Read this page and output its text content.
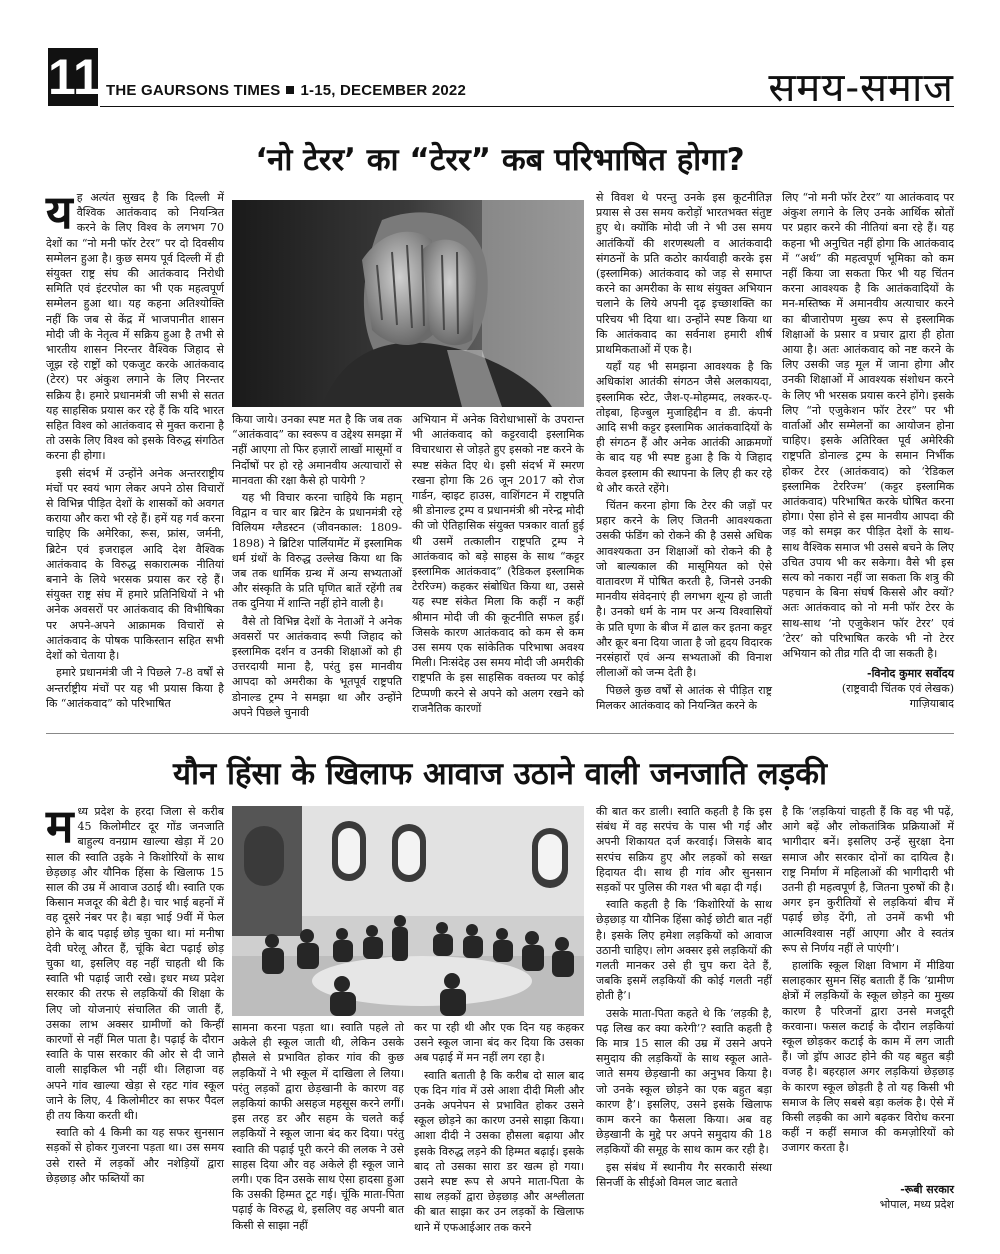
11 THE GAURSONS TIMES 1-15, DECEMBER 2022	समय-समाज
‘नो टेरर’ का “टेरर” कब परिभाषित होगा?

यह अत्यंत सुखद है कि दिल्ली में वैश्विक आतंकवाद को नियन्त्रित करने के लिए विश्व के लगभग 70 देशों का “नो मनी फॉर टेरर” पर दो दिवसीय सम्मेलन हुआ है। कुछ समय पूर्व दिल्ली में ही संयुक्त राष्ट्र संघ की आतंकवाद निरोधी समिति एवं इंटरपोल का भी एक महत्वपूर्ण सम्मेलन हुआ था। यह कहना अतिश्योक्ति नहीं कि जब से केंद्र में भाजपानीत शासन मोदी जी के नेतृत्व में सक्रिय हुआ है तभी से भारतीय शासन निरन्तर वैश्विक जिहाद से जूझ रहे राष्ट्रों को एकजुट करके आतंकवाद (टेरर) पर अंकुश लगाने के लिए निरन्तर सक्रिय है। हमारे प्रधानमंत्री जी सभी से सतत यह साहसिक प्रयास कर रहे हैं कि यदि भारत सहित विश्व को आतंकवाद से मुक्त कराना है तो उसके लिए विश्व को इसके विरुद्ध संगठित करना ही होगा।

इसी संदर्भ में उन्होंने अनेक अन्तरराष्ट्रीय मंचों पर स्वयं भाग लेकर अपने ठोस विचारों से विभिन्न पीड़ित देशों के शासकों को अवगत कराया और करा भी रहे हैं। हमें यह गर्व करना चाहिए कि अमेरिका, रूस, फ्रांस, जर्मनी, ब्रिटेन एवं इजराइल आदि देश वैश्विक आतंकवाद के विरुद्ध सकारात्मक नीतियां बनाने के लिये भरसक प्रयास कर रहे हैं। संयुक्त राष्ट्र संघ में हमारे प्रतिनिधियों ने भी अनेक अवसरों पर आतंकवाद की विभीषिका पर अपने-अपने आक्रामक विचारों से आतंकवाद के पोषक पाकिस्तान सहित सभी देशों को चेताया है।

हमारे प्रधानमंत्री जी ने पिछले 7-8 वर्षों से अन्तर्राष्ट्रीय मंचों पर यह भी प्रयास किया है कि “आतंकवाद” को परिभाषित

किया जाये। उनका स्पष्ट मत है कि जब तक “आतंकवाद” का स्वरूप व उद्देश्य समझा में नहीं आएगा तो फिर हज़ारों लाखों मासूमों व निर्दोषों पर हो रहे अमानवीय अत्याचारों से मानवता की रक्षा कैसे हो पायेगी ?

यह भी विचार करना चाहिये कि महान् विद्वान व चार बार ब्रिटेन के प्रधानमंत्री रहे विलियम ग्लैडस्टन (जीवनकाल: 1809-1898) ने ब्रिटिश पार्लियामेंट में इस्लामिक धर्म ग्रंथों के विरुद्ध उल्लेख किया था कि जब तक धार्मिक ग्रन्थ में अन्य सभ्यताओं और संस्कृति के प्रति घृणित बातें रहेंगी तब तक दुनिया में शान्ति नहीं होने वाली है।

वैसे तो विभिन्न देशों के नेताओं ने अनेक अवसरों पर आतंकवाद रूपी जिहाद को इस्लामिक दर्शन व उनकी शिक्षाओं को ही उत्तरदायी माना है, परंतु इस मानवीय आपदा को अमरीका के भूतपूर्व राष्ट्रपति डोनाल्ड ट्रम्प ने समझा था और उन्होंने अपने पिछले चुनावी

अभियान में अनेक विरोधाभासों के उपरान्त भी आतंकवाद को कट्टरवादी इस्लामिक विचारधारा से जोड़ते हुए इसको नष्ट करने के स्पष्ट संकेत दिए थे। इसी संदर्भ में स्मरण रखना होगा कि 26 जून 2017 को रोज गार्डन, व्हाइट हाउस, वाशिंगटन में राष्ट्रपति श्री डोनाल्ड ट्रम्प व प्रधानमंत्री श्री नरेन्द्र मोदी की जो ऐतिहासिक संयुक्त पत्रकार वार्ता हुई थी उसमें तत्कालीन राष्ट्रपति ट्रम्प ने आतंकवाद को बड़े साहस के साथ “कट्टर इस्लामिक आतंकवाद” (रैडिकल इस्लामिक टेररिज्म) कहकर संबोधित किया था, उससे यह स्पष्ट संकेत मिला कि कहीं न कहीं श्रीमान मोदी जी की कूटनीति सफल हुई। जिसके कारण आतंकवाद को कम से कम उस समय एक सांकेतिक परिभाषा अवश्य मिली। निःसंदेह उस समय मोदी जी अमरीकी राष्ट्रपति के इस साहसिक वक्तव्य पर कोई टिप्पणी करने से अपने को अलग रखने को राजनैतिक कारणों

से विवश थे परन्तु उनके इस कूटनीतिज्ञ प्रयास से उस समय करोड़ों भारतभक्त संतुष्ट हुए थे। क्योंकि मोदी जी ने भी उस समय आतंकियों की शरणस्थली व आतंकवादी संगठनों के प्रति कठोर कार्यवाही करके इस (इस्लामिक) आतंकवाद को जड़ से समाप्त करने का अमरीका के साथ संयुक्त अभियान चलाने के लिये अपनी दृढ़ इच्छाशक्ति का परिचय भी दिया था। उन्होंने स्पष्ट किया था कि आतंकवाद का सर्वनाश हमारी शीर्ष प्राथमिकताओं में एक है।

यहाँ यह भी समझना आवश्यक है कि अधिकांश आतंकी संगठन जैसे अलकायदा, इस्लामिक स्टेट, जैश-ए-मोहम्मद, लश्कर-ए-तोइबा, हिज्बुल मुजाहिद्दीन व डी. कंपनी आदि सभी कट्टर इस्लामिक आतंकवादियों के ही संगठन हैं और अनेक आतंकी आक्रमणों के बाद यह भी स्पष्ट हुआ है कि ये जिहाद केवल इस्लाम की स्थापना के लिए ही कर रहे थे और करते रहेंगे।

चिंतन करना होगा कि टेरर की जड़ों पर प्रहार करने के लिए जितनी आवश्यकता उसकी फंडिंग को रोकने की है उससे अधिक आवश्यकता उन शिक्षाओं को रोकने की है जो बाल्यकाल की मासूमियत को ऐसे वातावरण में पोषित करती है, जिनसे उनकी मानवीय संवेदनाएं ही लगभग शून्य हो जाती है। उनको धर्म के नाम पर अन्य विश्वासियों के प्रति घृणा के बीज में ढाल कर इतना कट्टर और क्रूर बना दिया जाता है जो हृदय विदारक नरसंहारों एवं अन्य सभ्यताओं की विनाश लीलाओं को जन्म देती है।

पिछले कुछ वर्षों से आतंक से पीड़ित राष्ट्र मिलकर आतंकवाद को नियन्त्रित करने के

लिए “नो मनी फॉर टेरर” या आतंकवाद पर अंकुश लगाने के लिए उनके आर्थिक स्रोतों पर प्रहार करने की नीतियां बना रहे हैं। यह कहना भी अनुचित नहीं होगा कि आतंकवाद में “अर्थ” की महत्वपूर्ण भूमिका को कम नहीं किया जा सकता फिर भी यह चिंतन करना आवश्यक है कि आतंकवादियों के मन-मस्तिष्क में अमानवीय अत्याचार करने का बीजारोपण मुख्य रूप से इस्लामिक शिक्षाओं के प्रसार व प्रचार द्वारा ही होता आया है। अतः आतंकवाद को नष्ट करने के लिए उसकी जड़ मूल में जाना होगा और उनकी शिक्षाओं में आवश्यक संशोधन करने के लिए भी भरसक प्रयास करने होंगे। इसके लिए “नो एजुकेशन फॉर टेरर” पर भी वार्ताओं और सम्मेलनों का आयोजन होना चाहिए। इसके अतिरिक्त पूर्व अमेरिकी राष्ट्रपति डोनाल्ड ट्रम्प के समान निर्भीक होकर टेरर (आतंकवाद) को ‘रेडिकल इस्लामिक टेररिज्म’ (कट्टर इस्लामिक आतंकवाद) परिभाषित करके घोषित करना होगा। ऐसा होने से इस मानवीय आपदा की जड़ को समझ कर पीड़ित देशों के साथ-साथ वैश्विक समाज भी उससे बचने के लिए उचित उपाय भी कर सकेगा। वैसे भी इस सत्य को नकारा नहीं जा सकता कि शत्रु की पहचान के बिना संघर्ष किससे और क्यों? अतः आतंकवाद को नो मनी फॉर टेरर के साथ-साथ ‘नो एजुकेशन फॉर टेरर’ एवं ‘टेरर’ को परिभाषित करके भी नो टेरर अभियान को तीव्र गति दी जा सकती है।

-विनोद कुमार सर्वोदय
(राष्ट्रवादी चिंतक एवं लेखक)
गाज़ियाबाद
यौन हिंसा के खिलाफ आवाज उठाने वाली जनजाति लड़की

मध्य प्रदेश के हरदा जिला से करीब 45 किलोमीटर दूर गोंड जनजाति बाहुल्य वनग्राम खाल्या खेड़ा में 20 साल की स्वाति उइके ने किशोरियों के साथ छेड़छाड़ और यौनिक हिंसा के खिलाफ 15 साल की उम्र में आवाज उठाई थी। स्वाति एक किसान मजदूर की बेटी है। चार भाई बहनों में वह दूसरे नंबर पर है। बड़ा भाई 9वीं में फेल होने के बाद पढ़ाई छोड़ चुका था। मां मनीषा देवी घरेलू औरत हैं, चूंकि बेटा पढ़ाई छोड़ चुका था, इसलिए वह नहीं चाहती थी कि स्वाति भी पढ़ाई जारी रखे। इधर मध्य प्रदेश सरकार की तरफ से लड़कियों की शिक्षा के लिए जो योजनाएं संचालित की जाती हैं, उसका लाभ अक्सर ग्रामीणों को किन्हीं कारणों से नहीं मिल पाता है। पढ़ाई के दौरान स्वाति के पास सरकार की ओर से दी जाने वाली साइकिल भी नहीं थी। लिहाजा वह अपने गांव खाल्या खेड़ा से रहट गांव स्कूल जाने के लिए, 4 किलोमीटर का सफर पैदल ही तय किया करती थी।

स्वाति को 4 किमी का यह सफर सुनसान सड़कों से होकर गुजरना पड़ता था। उस समय उसे रास्ते में लड़कों और नशेड़ियों द्वारा छेड़छाड़ और फब्तियों का

सामना करना पड़ता था। स्वाति पहले तो अकेले ही स्कूल जाती थी, लेकिन उसके हौसले से प्रभावित होकर गांव की कुछ लड़कियों ने भी स्कूल में दाखिला ले लिया। परंतु लड़कों द्वारा छेड़खानी के कारण वह लड़कियां काफी असहज महसूस करने लगीं। इस तरह डर और सहम के चलते कई लड़कियों ने स्कूल जाना बंद कर दिया। परंतु स्वाति की पढ़ाई पूरी करने की ललक ने उसे साहस दिया और वह अकेले ही स्कूल जाने लगी। एक दिन उसके साथ ऐसा हादसा हुआ कि उसकी हिम्मत टूट गई। चूंकि माता-पिता पढ़ाई के विरुद्ध थे, इसलिए वह अपनी बात किसी से साझा नहीं

कर पा रही थी और एक दिन यह कहकर उसने स्कूल जाना बंद कर दिया कि उसका अब पढ़ाई में मन नहीं लग रहा है।

स्वाति बताती है कि करीब दो साल बाद एक दिन गांव में उसे आशा दीदी मिली और उनके अपनेपन से प्रभावित होकर उसने स्कूल छोड़ने का कारण उनसे साझा किया। आशा दीदी ने उसका हौसला बढ़ाया और इसके विरुद्ध लड़ने की हिम्मत बढ़ाई। इसके बाद तो उसका सारा डर खत्म हो गया। उसने स्पष्ट रूप से अपने माता-पिता के साथ लड़कों द्वारा छेड़छाड़ और अश्लीलता की बात साझा कर उन लड़कों के खिलाफ थाने में एफआईआर तक करने

की बात कर डाली। स्वाति कहती है कि इस संबंध में वह सरपंच के पास भी गई और अपनी शिकायत दर्ज करवाई। जिसके बाद सरपंच सक्रिय हुए और लड़कों को सख्त हिदायत दी। साथ ही गांव और सुनसान सड़कों पर पुलिस की गश्त भी बढ़ा दी गई।

स्वाति कहती है कि ‘किशोरियों के साथ छेड़छाड़ या यौनिक हिंसा कोई छोटी बात नहीं है। इसके लिए हमेशा लड़कियों को आवाज उठानी चाहिए। लोग अक्सर इसे लड़कियों की गलती मानकर उसे ही चुप करा देते हैं, जबकि इसमें लड़कियों की कोई गलती नहीं होती है’।

उसके माता-पिता कहते थे कि ‘लड़की है, पढ़ लिख कर क्या करेगी’? स्वाति कहती है कि मात्र 15 साल की उम्र में उसने अपने समुदाय की लड़कियों के साथ स्कूल आते-जाते समय छेड़खानी का अनुभव किया है। जो उनके स्कूल छोड़ने का एक बहुत बड़ा कारण है’। इसलिए, उसने इसके खिलाफ काम करने का फैसला किया। अब वह छेड़खानी के मुद्दे पर अपने समुदाय की 18 लड़कियों की समूह के साथ काम कर रही है।

इस संबंध में स्थानीय गैर सरकारी संस्था सिनर्जी के सीईओ विमल जाट बताते

है कि ‘लड़कियां चाहती हैं कि वह भी पढ़ें, आगे बढ़ें और लोकतांत्रिक प्रक्रियाओं में भागीदार बनें। इसलिए उन्हें सुरक्षा देना समाज और सरकार दोनों का दायित्व है। राष्ट्र निर्माण में महिलाओं की भागीदारी भी उतनी ही महत्वपूर्ण है, जितना पुरुषों की है। अगर इन कुरीतियों से लड़कियां बीच में पढ़ाई छोड़ देंगी, तो उनमें कभी भी आत्मविश्वास नहीं आएगा और वे स्वतंत्र रूप से निर्णय नहीं ले पाएंगी’।

हालांकि स्कूल शिक्षा विभाग में मीडिया सलाहकार सुमन सिंह बताती हैं कि ‘ग्रामीण क्षेत्रों में लड़कियों के स्कूल छोड़ने का मुख्य कारण है परिजनों द्वारा उनसे मजदूरी करवाना। फसल कटाई के दौरान लड़कियां स्कूल छोड़कर कटाई के काम में लग जाती हैं। जो ड्रॉप आउट होने की यह बहुत बड़ी वजह है। बहरहाल अगर लड़कियां छेड़छाड़ के कारण स्कूल छोड़ती है तो यह किसी भी समाज के लिए सबसे बड़ा कलंक है। ऐसे में किसी लड़की का आगे बढ़कर विरोध करना कहीं न कहीं समाज की कमज़ोरियों को उजागर करता है।

-रूबी सरकार
भोपाल, मध्य प्रदेश
